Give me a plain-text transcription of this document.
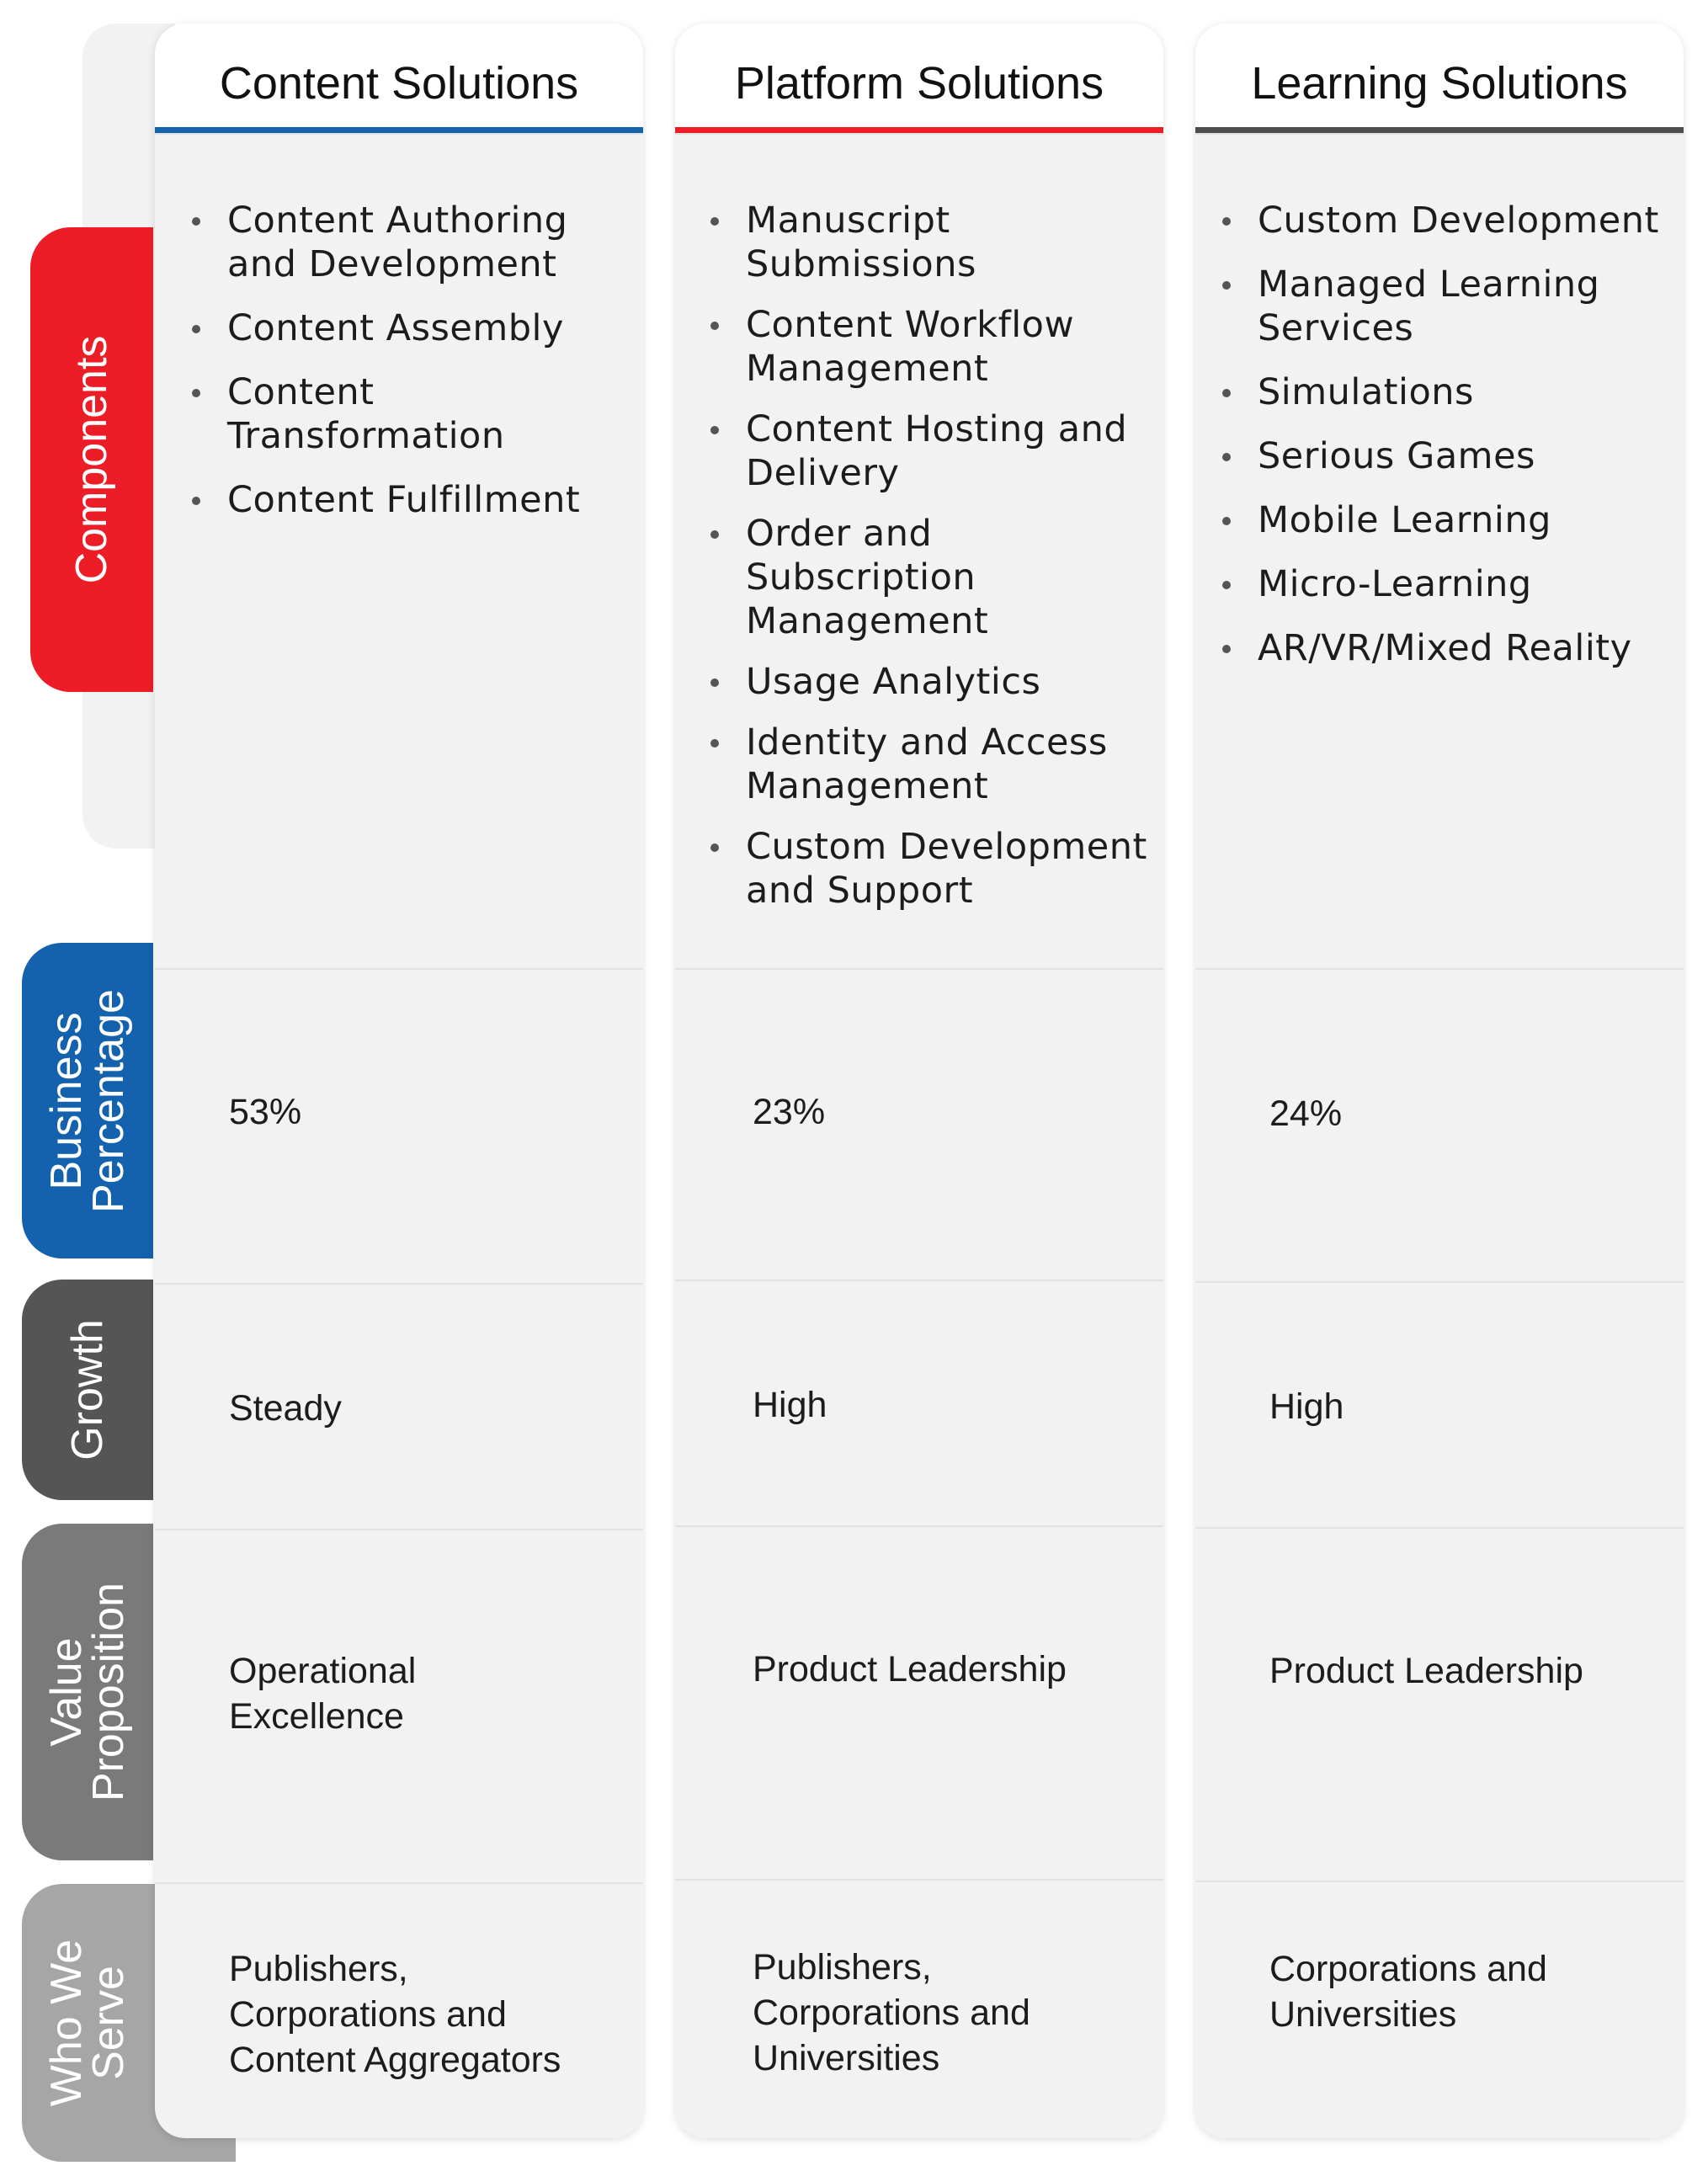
Components
Business
Percentage
Growth
Value
Proposition
Who We
Serve
Content Solutions
Content Authoring and Development
Content Assembly
Content Transformation
Content Fulfillment
53%
Steady
Operational Excellence
Publishers, Corporations and Content Aggregators
Platform Solutions
Manuscript Submissions
Content Workflow Management
Content Hosting and Delivery
Order and Subscription Management
Usage Analytics
Identity and Access Management
Custom Development and Support
23%
High
Product Leadership
Publishers, Corporations and Universities
Learning Solutions
Custom Development
Managed Learning Services
Simulations
Serious Games
Mobile Learning
Micro-Learning
AR/VR/Mixed Reality
24%
High
Product Leadership
Corporations and Universities
